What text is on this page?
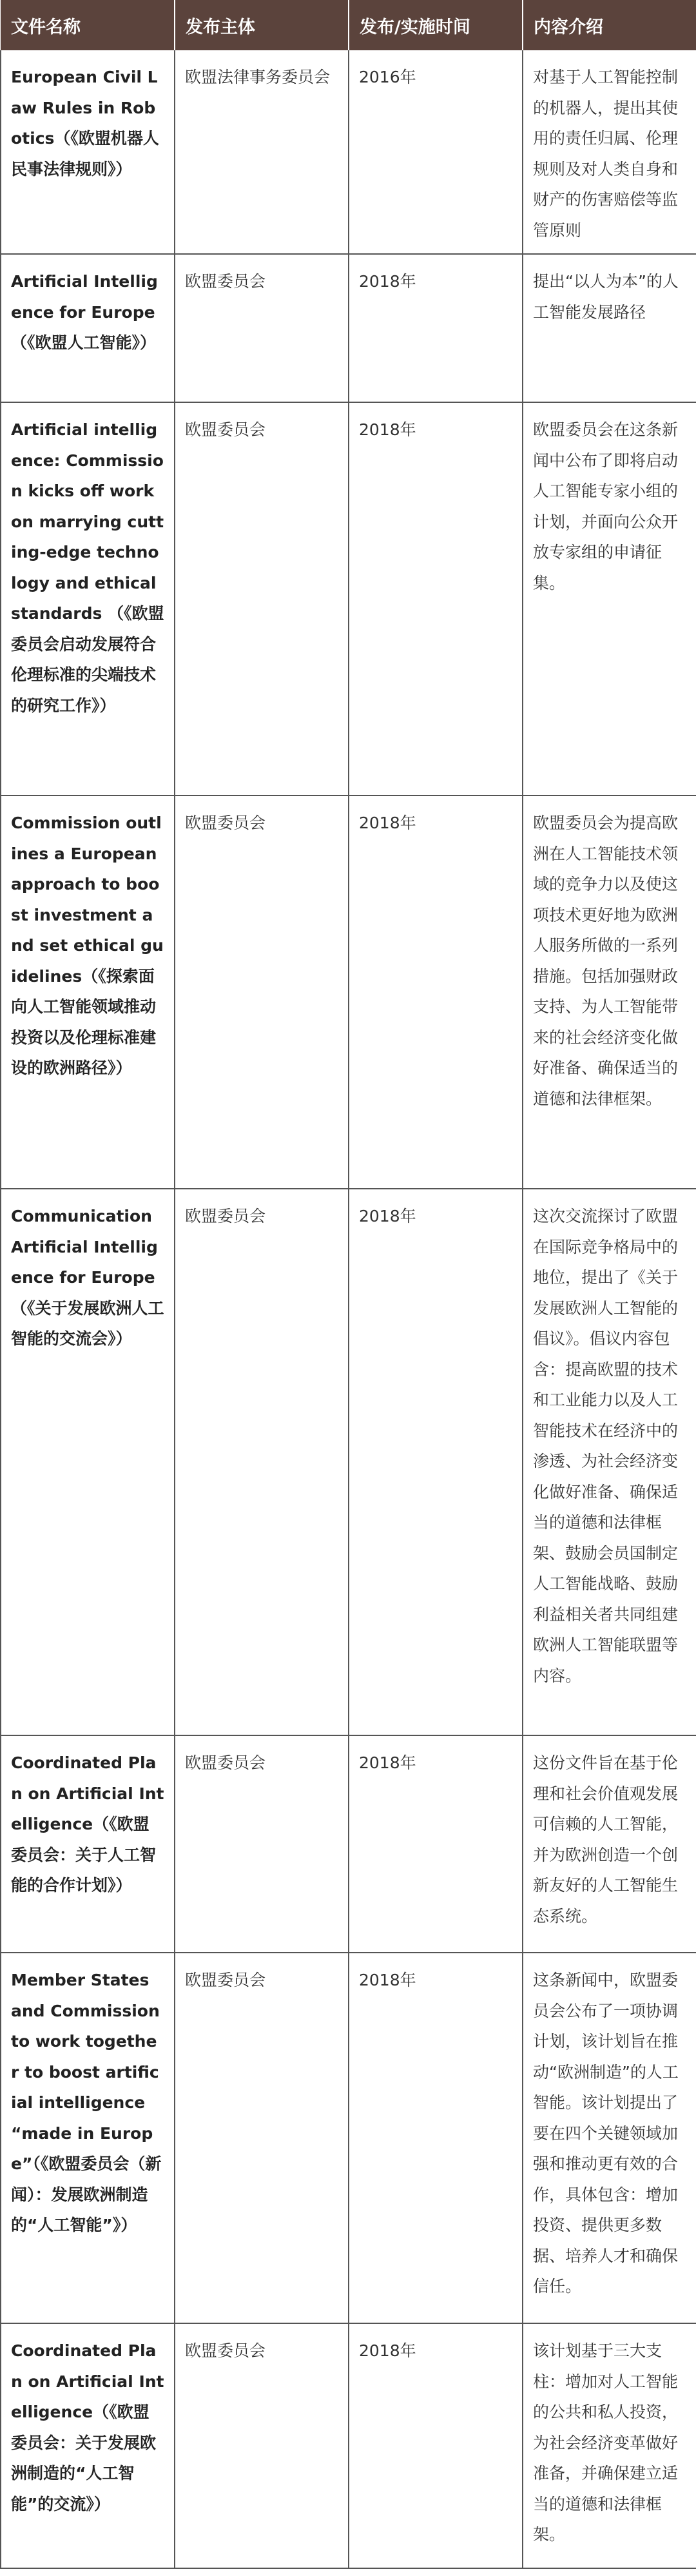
文件名称	发布主体	发布/实施时间	内容介绍
European Civil Law Rules in Robotics（《欧盟机器人民事法律规则》）	欧盟法律事务委员会	2016年	对基于人工智能控制的机器人，提出其使用的责任归属、伦理规则及对人类自身和财产的伤害赔偿等监管原则
Artificial Intelligence for Europe（《欧盟人工智能》）	欧盟委员会	2018年	提出“以人为本”的人工智能发展路径
Artificial intelligence: Commission kicks off work on marrying cutting-edge technology and ethical standards （《欧盟委员会启动发展符合伦理标准的尖端技术的研究工作》）	欧盟委员会	2018年	欧盟委员会在这条新闻中公布了即将启动人工智能专家小组的计划，并面向公众开放专家组的申请征集。
Commission outlines a European approach to boost investment and set ethical guidelines（《探索面向人工智能领域推动投资以及伦理标准建设的欧洲路径》）	欧盟委员会	2018年	欧盟委员会为提高欧洲在人工智能技术领域的竞争力以及使这项技术更好地为欧洲人服务所做的一系列措施。包括加强财政支持、为人工智能带来的社会经济变化做好准备、确保适当的道德和法律框架。
Communication Artificial Intelligence for Europe（《关于发展欧洲人工智能的交流会》）	欧盟委员会	2018年	这次交流探讨了欧盟在国际竞争格局中的地位，提出了《关于发展欧洲人工智能的倡议》。倡议内容包含：提高欧盟的技术和工业能力以及人工智能技术在经济中的渗透、为社会经济变化做好准备、确保适当的道德和法律框架、鼓励会员国制定人工智能战略、鼓励利益相关者共同组建欧洲人工智能联盟等内容。
Coordinated Plan on Artificial Intelligence（《欧盟委员会：关于人工智能的合作计划》）	欧盟委员会	2018年	这份文件旨在基于伦理和社会价值观发展可信赖的人工智能，并为欧洲创造一个创新友好的人工智能生态系统。
Member States and Commission to work together to boost artificial intelligence “made in Europe”（《欧盟委员会（新闻）：发展欧洲制造的“人工智能”》）	欧盟委员会	2018年	这条新闻中，欧盟委员会公布了一项协调计划，该计划旨在推动“欧洲制造”的人工智能。该计划提出了要在四个关键领域加强和推动更有效的合作，具体包含：增加投资、提供更多数据、培养人才和确保信任。
Coordinated Plan on Artificial Intelligence（《欧盟委员会：关于发展欧洲制造的“人工智能”的交流》）	欧盟委员会	2018年	该计划基于三大支柱：增加对人工智能的公共和私人投资，为社会经济变革做好准备，并确保建立适当的道德和法律框架。
